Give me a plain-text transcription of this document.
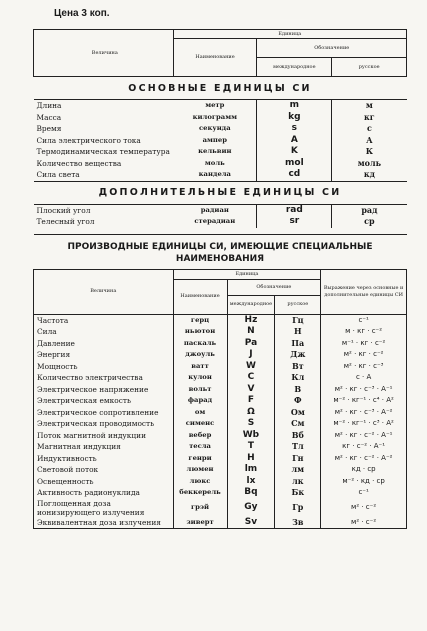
Цена 3 коп.
Величина	Единица		
	Наименование	Обозначение	
		международное	русское
ОСНОВНЫЕ ЕДИНИЦЫ СИ			
Длина	метр	m	м
Масса	килограмм	kg	кг
Время	секунда	s	с
Сила электрического тока	ампер	A	А
Термодинамическая температура	кельвин	K	К
Количество вещества	моль	mol	моль
Сила света	кандела	cd	кд
ДОПОЛНИТЕЛЬНЫЕ ЕДИНИЦЫ СИ			
Плоский угол	радиан	rad	рад
Телесный угол	стерадиан	sr	ср

ПРОИЗВОДНЫЕ ЕДИНИЦЫ СИ, ИМЕЮЩИЕ СПЕЦИАЛЬНЫЕ НАИМЕНОВАНИЯ
Величина	Единица			Выражение через основные и дополнительные единицы СИ
	Наименование	Обозначение		
		международное	русское	
Частота	герц	Hz	Гц	с⁻¹
Сила	ньютон	N	Н	м · кг · с⁻²
Давление	паскаль	Pa	Па	м⁻¹ · кг · с⁻²
Энергия	джоуль	J	Дж	м² · кг · с⁻²
Мощность	ватт	W	Вт	м² · кг · с⁻³
Количество электричества	кулон	C	Кл	с · А
Электрическое напряжение	вольт	V	В	м² · кг · с⁻³ · А⁻¹
Электрическая емкость	фарад	F	Ф	м⁻² · кг⁻¹ · с⁴ · А²
Электрическое сопротивление	ом	Ω	Ом	м² · кг · с⁻³ · А⁻²
Электрическая проводимость	сименс	S	См	м⁻² · кг⁻¹ · с³ · А²
Поток магнитной индукции	вебер	Wb	Вб	м² · кг · с⁻² · А⁻¹
Магнитная индукция	тесла	T	Тл	кг · с⁻² · А⁻¹
Индуктивность	генри	H	Гн	м² · кг · с⁻² · А⁻²
Световой поток	люмен	lm	лм	кд · ср
Освещенность	люкс	lx	лк	м⁻² · кд · ср
Активность радионуклида	беккерель	Bq	Бк	с⁻¹
Поглощенная доза ионизирующего излучения	грэй	Gy	Гр	м² · с⁻²
Эквивалентная доза излучения	зиверт	Sv	Зв	м² · с⁻²
